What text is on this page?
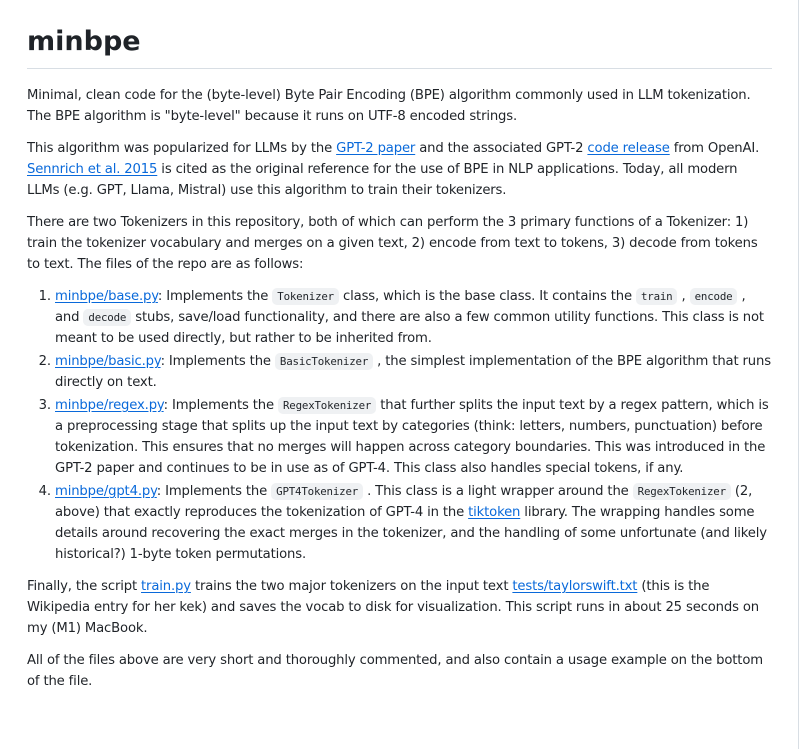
minbpe

Minimal, clean code for the (byte-level) Byte Pair Encoding (BPE) algorithm commonly used in LLM tokenization. The BPE algorithm is "byte-level" because it runs on UTF-8 encoded strings.

This algorithm was popularized for LLMs by the GPT-2 paper and the associated GPT-2 code release from OpenAI. Sennrich et al. 2015 is cited as the original reference for the use of BPE in NLP applications. Today, all modern LLMs (e.g. GPT, Llama, Mistral) use this algorithm to train their tokenizers.

There are two Tokenizers in this repository, both of which can perform the 3 primary functions of a Tokenizer: 1) train the tokenizer vocabulary and merges on a given text, 2) encode from text to tokens, 3) decode from tokens to text. The files of the repo are as follows:

1. minbpe/base.py: Implements the Tokenizer class, which is the base class. It contains the train , encode , and decode stubs, save/load functionality, and there are also a few common utility functions. This class is not meant to be used directly, but rather to be inherited from.
2. minbpe/basic.py: Implements the BasicTokenizer , the simplest implementation of the BPE algorithm that runs directly on text.
3. minbpe/regex.py: Implements the RegexTokenizer that further splits the input text by a regex pattern, which is a preprocessing stage that splits up the input text by categories (think: letters, numbers, punctuation) before tokenization. This ensures that no merges will happen across category boundaries. This was introduced in the GPT-2 paper and continues to be in use as of GPT-4. This class also handles special tokens, if any.
4. minbpe/gpt4.py: Implements the GPT4Tokenizer . This class is a light wrapper around the RegexTokenizer (2, above) that exactly reproduces the tokenization of GPT-4 in the tiktoken library. The wrapping handles some details around recovering the exact merges in the tokenizer, and the handling of some unfortunate (and likely historical?) 1-byte token permutations.

Finally, the script train.py trains the two major tokenizers on the input text tests/taylorswift.txt (this is the Wikipedia entry for her kek) and saves the vocab to disk for visualization. This script runs in about 25 seconds on my (M1) MacBook.

All of the files above are very short and thoroughly commented, and also contain a usage example on the bottom of the file.
